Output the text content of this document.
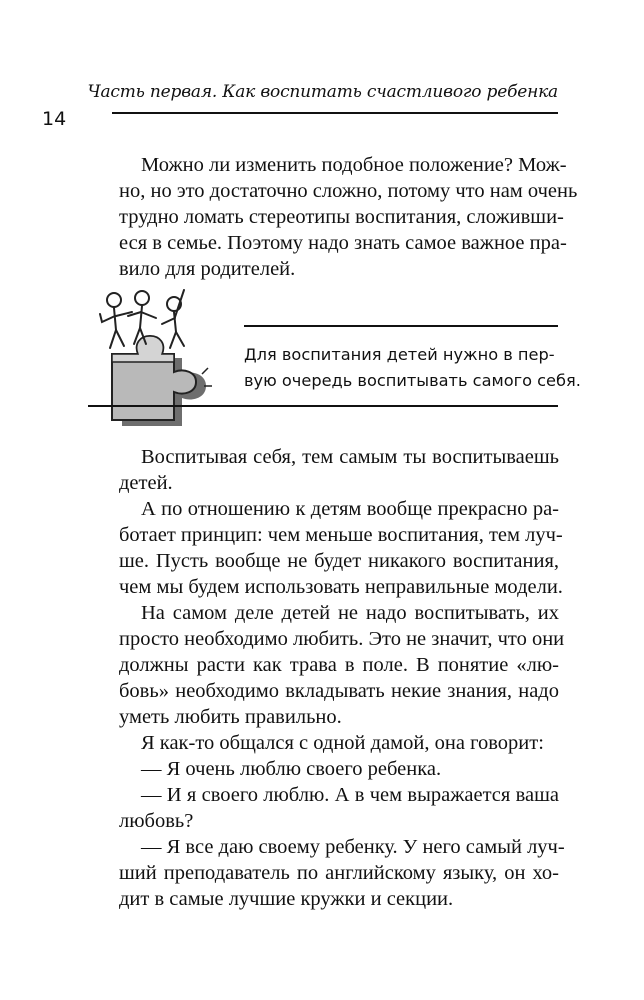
Часть первая. Как воспитать счастливого ребенка
14

Можно ли изменить подобное положение? Мож-
но, но это достаточно сложно, потому что нам очень
трудно ломать стереотипы воспитания, сложивши-
еся в семье. Поэтому надо знать самое важное пра-
вило для родителей.

Для воспитания детей нужно в пер-
вую очередь воспитывать самого себя.

Воспитывая себя, тем самым ты воспитываешь
детей.

А по отношению к детям вообще прекрасно ра-
ботает принцип: чем меньше воспитания, тем луч-
ше. Пусть вообще не будет никакого воспитания,
чем мы будем использовать неправильные модели.

На самом деле детей не надо воспитывать, их
просто необходимо любить. Это не значит, что они
должны расти как трава в поле. В понятие «лю-
бовь» необходимо вкладывать некие знания, надо
уметь любить правильно.

Я как-то общался с одной дамой, она говорит:

— Я очень люблю своего ребенка.

— И я своего люблю. А в чем выражается ваша
любовь?

— Я все даю своему ребенку. У него самый луч-
ший преподаватель по английскому языку, он хо-
дит в самые лучшие кружки и секции.
